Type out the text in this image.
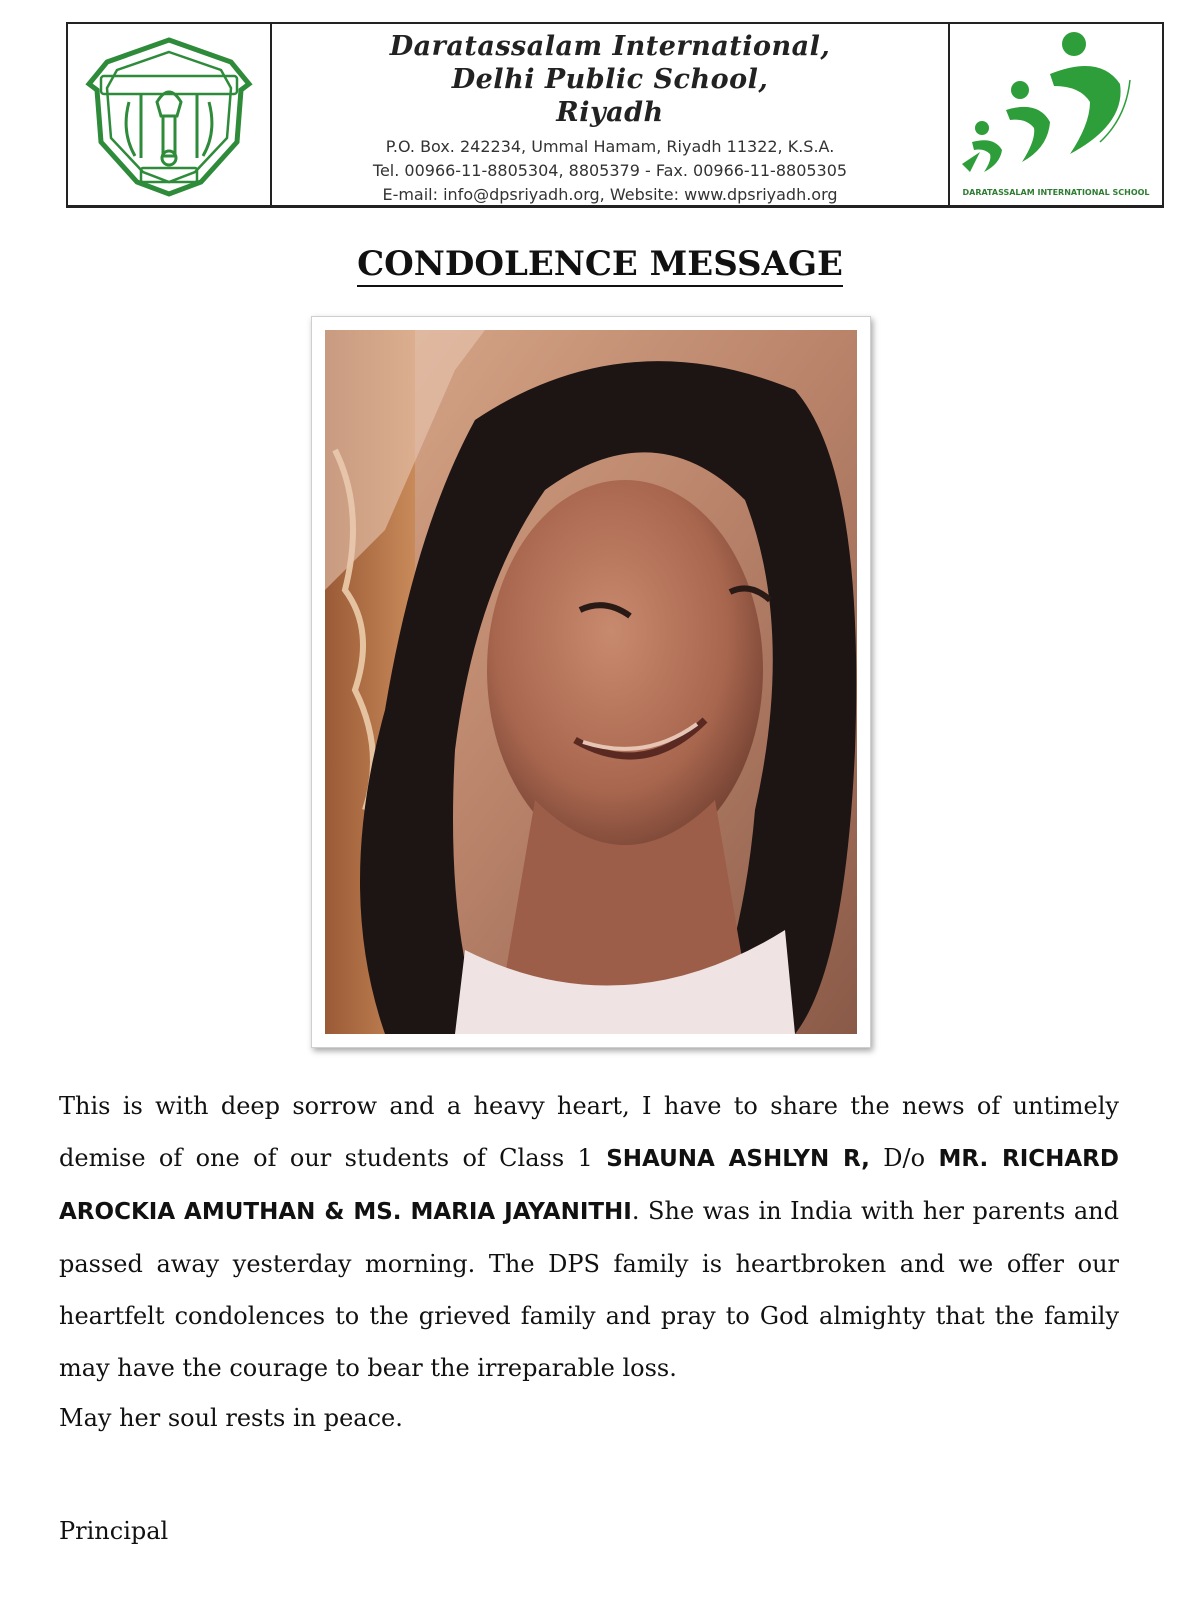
Daratassalam International,
Delhi Public School,
Riyadh
P.O. Box. 242234, Ummal Hamam, Riyadh 11322, K.S.A.
Tel. 00966-11-8805304, 8805379 - Fax. 00966-11-8805305
E-mail: info@dpsriyadh.org, Website: www.dpsriyadh.org	DARATASSALAM INTERNATIONAL SCHOOL
CONDOLENCE MESSAGE
This is with deep sorrow and a heavy heart, I have to share the news of untimely demise of one of our students of Class 1 SHAUNA ASHLYN R, D/o MR. RICHARD AROCKIA AMUTHAN & MS. MARIA JAYANITHI. She was in India with her parents and passed away yesterday morning. The DPS family is heartbroken and we offer our heartfelt condolences to the grieved family and pray to God almighty that the family may have the courage to bear the irreparable loss.
May her soul rests in peace.
Principal
